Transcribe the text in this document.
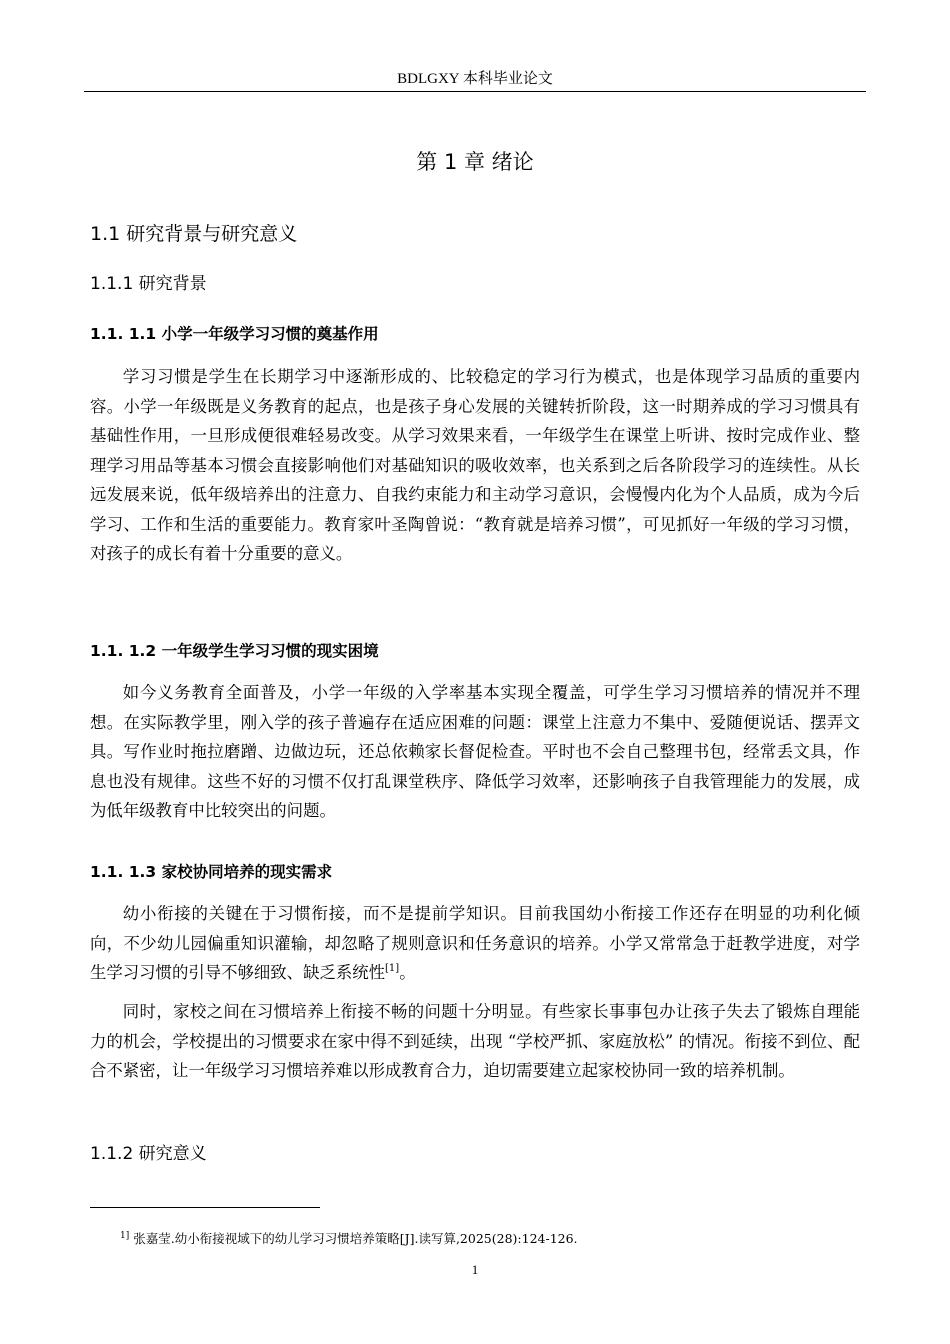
BDLGXY 本科毕业论文
第 1 章 绪论
1.1 研究背景与研究意义
1.1.1 研究背景
1.1. 1.1 小学一年级学习习惯的奠基作用

学习习惯是学生在长期学习中逐渐形成的、比较稳定的学习行为模式，也是体现学习品质的重要内容。小学一年级既是义务教育的起点，也是孩子身心发展的关键转折阶段，这一时期养成的学习习惯具有基础性作用，一旦形成便很难轻易改变。从学习效果来看，一年级学生在课堂上听讲、按时完成作业、整理学习用品等基本习惯会直接影响他们对基础知识的吸收效率，也关系到之后各阶段学习的连续性。从长远发展来说，低年级培养出的注意力、自我约束能力和主动学习意识，会慢慢内化为个人品质，成为今后学习、工作和生活的重要能力。教育家叶圣陶曾说：“教育就是培养习惯”，可见抓好一年级的学习习惯，对孩子的成长有着十分重要的意义。

1.1. 1.2 一年级学生学习习惯的现实困境

如今义务教育全面普及，小学一年级的入学率基本实现全覆盖，可学生学习习惯培养的情况并不理想。在实际教学里，刚入学的孩子普遍存在适应困难的问题：课堂上注意力不集中、爱随便说话、摆弄文具。写作业时拖拉磨蹭、边做边玩，还总依赖家长督促检查。平时也不会自己整理书包，经常丢文具，作息也没有规律。这些不好的习惯不仅打乱课堂秩序、降低学习效率，还影响孩子自我管理能力的发展，成为低年级教育中比较突出的问题。

1.1. 1.3 家校协同培养的现实需求

幼小衔接的关键在于习惯衔接，而不是提前学知识。目前我国幼小衔接工作还存在明显的功利化倾向，不少幼儿园偏重知识灌输，却忽略了规则意识和任务意识的培养。小学又常常急于赶教学进度，对学生学习习惯的引导不够细致、缺乏系统性[1]。

同时，家校之间在习惯培养上衔接不畅的问题十分明显。有些家长事事包办让孩子失去了锻炼自理能力的机会，学校提出的习惯要求在家中得不到延续，出现 “学校严抓、家庭放松” 的情况。衔接不到位、配合不紧密，让一年级学习习惯培养难以形成教育合力，迫切需要建立起家校协同一致的培养机制。

1.1.2 研究意义
$^{1]}$ 张嘉莹.幼小衔接视域下的幼儿学习习惯培养策略[J].读写算,2025(28):124-126.
1
